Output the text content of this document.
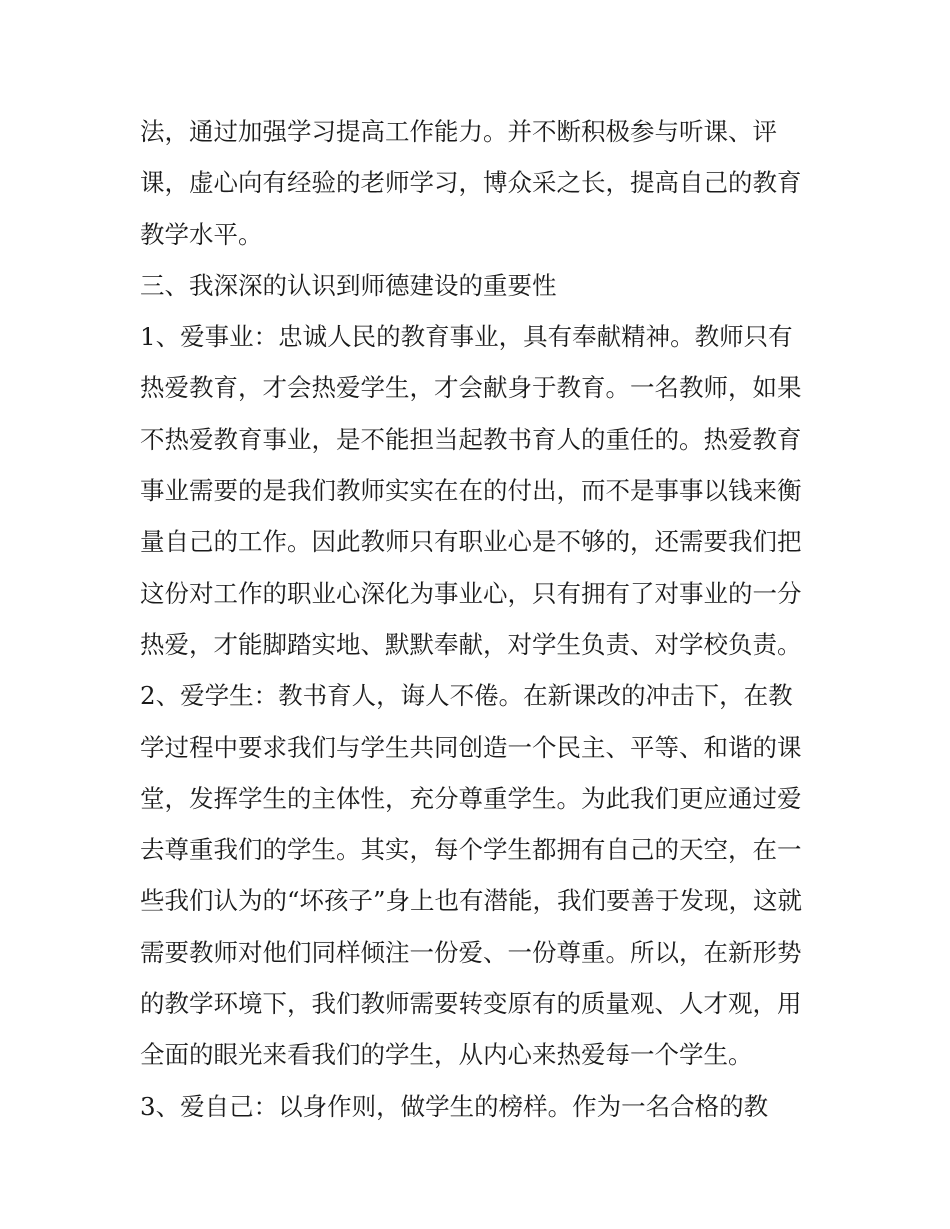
法，通过加强学习提高工作能力。并不断积极参与听课、评
课，虚心向有经验的老师学习，博众采之长，提高自己的教育
教学水平。
三、我深深的认识到师德建设的重要性
1、爱事业：忠诚人民的教育事业，具有奉献精神。教师只有
热爱教育，才会热爱学生，才会献身于教育。一名教师，如果
不热爱教育事业，是不能担当起教书育人的重任的。热爱教育
事业需要的是我们教师实实在在的付出，而不是事事以钱来衡
量自己的工作。因此教师只有职业心是不够的，还需要我们把
这份对工作的职业心深化为事业心，只有拥有了对事业的一分
热爱，才能脚踏实地、默默奉献，对学生负责、对学校负责。
2、爱学生：教书育人，诲人不倦。在新课改的冲击下，在教
学过程中要求我们与学生共同创造一个民主、平等、和谐的课
堂，发挥学生的主体性，充分尊重学生。为此我们更应通过爱
去尊重我们的学生。其实，每个学生都拥有自己的天空，在一
些我们认为的“坏孩子”身上也有潜能，我们要善于发现，这就
需要教师对他们同样倾注一份爱、一份尊重。所以，在新形势
的教学环境下，我们教师需要转变原有的质量观、人才观，用
全面的眼光来看我们的学生，从内心来热爱每一个学生。
3、爱自己：以身作则，做学生的榜样。作为一名合格的教
